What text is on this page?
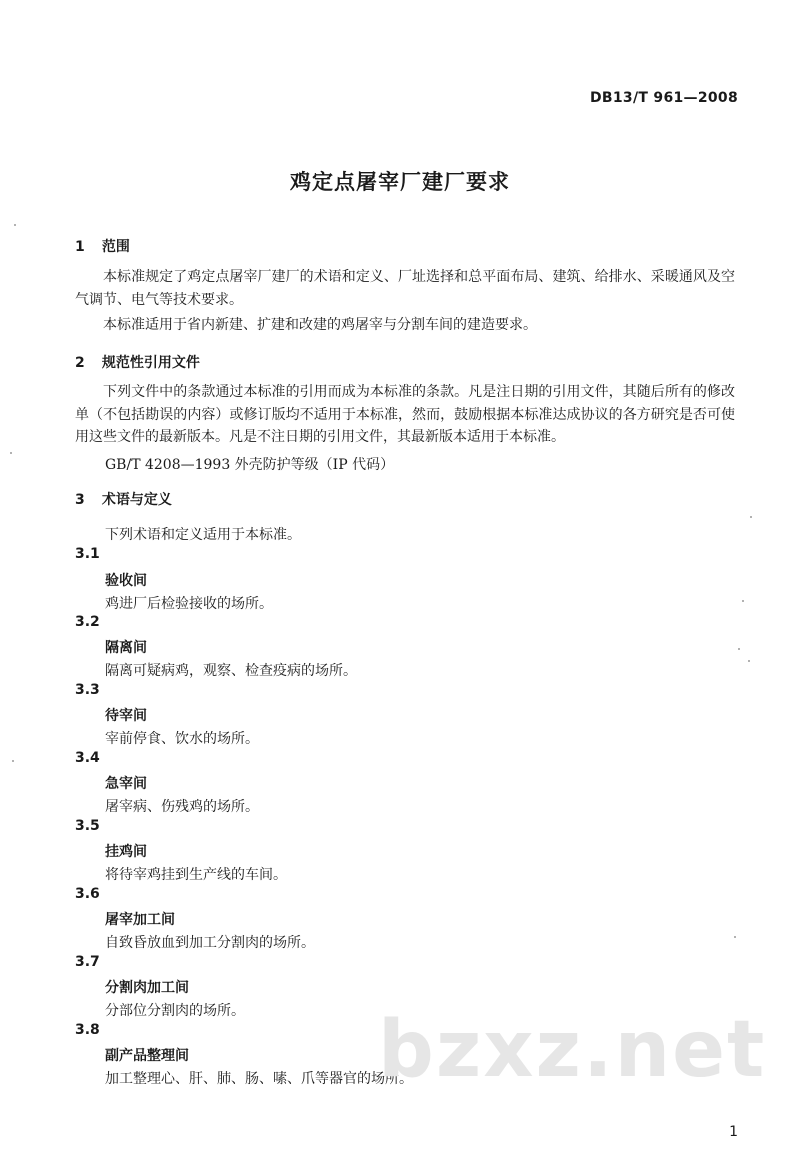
DB13/T 961—2008
鸡定点屠宰厂建厂要求
1 范围
本标准规定了鸡定点屠宰厂建厂的术语和定义、厂址选择和总平面布局、建筑、给排水、采暖通风及空气调节、电气等技术要求。
本标准适用于省内新建、扩建和改建的鸡屠宰与分割车间的建造要求。
2 规范性引用文件
下列文件中的条款通过本标准的引用而成为本标准的条款。凡是注日期的引用文件，其随后所有的修改单（不包括勘误的内容）或修订版均不适用于本标准，然而，鼓励根据本标准达成协议的各方研究是否可使用这些文件的最新版本。凡是不注日期的引用文件，其最新版本适用于本标准。
GB/T 4208—1993 外壳防护等级（IP 代码）
3 术语与定义
下列术语和定义适用于本标准。
3.1
验收间
鸡进厂后检验接收的场所。
3.2
隔离间
隔离可疑病鸡，观察、检查疫病的场所。
3.3
待宰间
宰前停食、饮水的场所。
3.4
急宰间
屠宰病、伤残鸡的场所。
3.5
挂鸡间
将待宰鸡挂到生产线的车间。
3.6
屠宰加工间
自致昏放血到加工分割肉的场所。
3.7
分割肉加工间
分部位分割肉的场所。
3.8
副产品整理间
加工整理心、肝、肺、肠、嗉、爪等器官的场所。
bzxz.net
1
